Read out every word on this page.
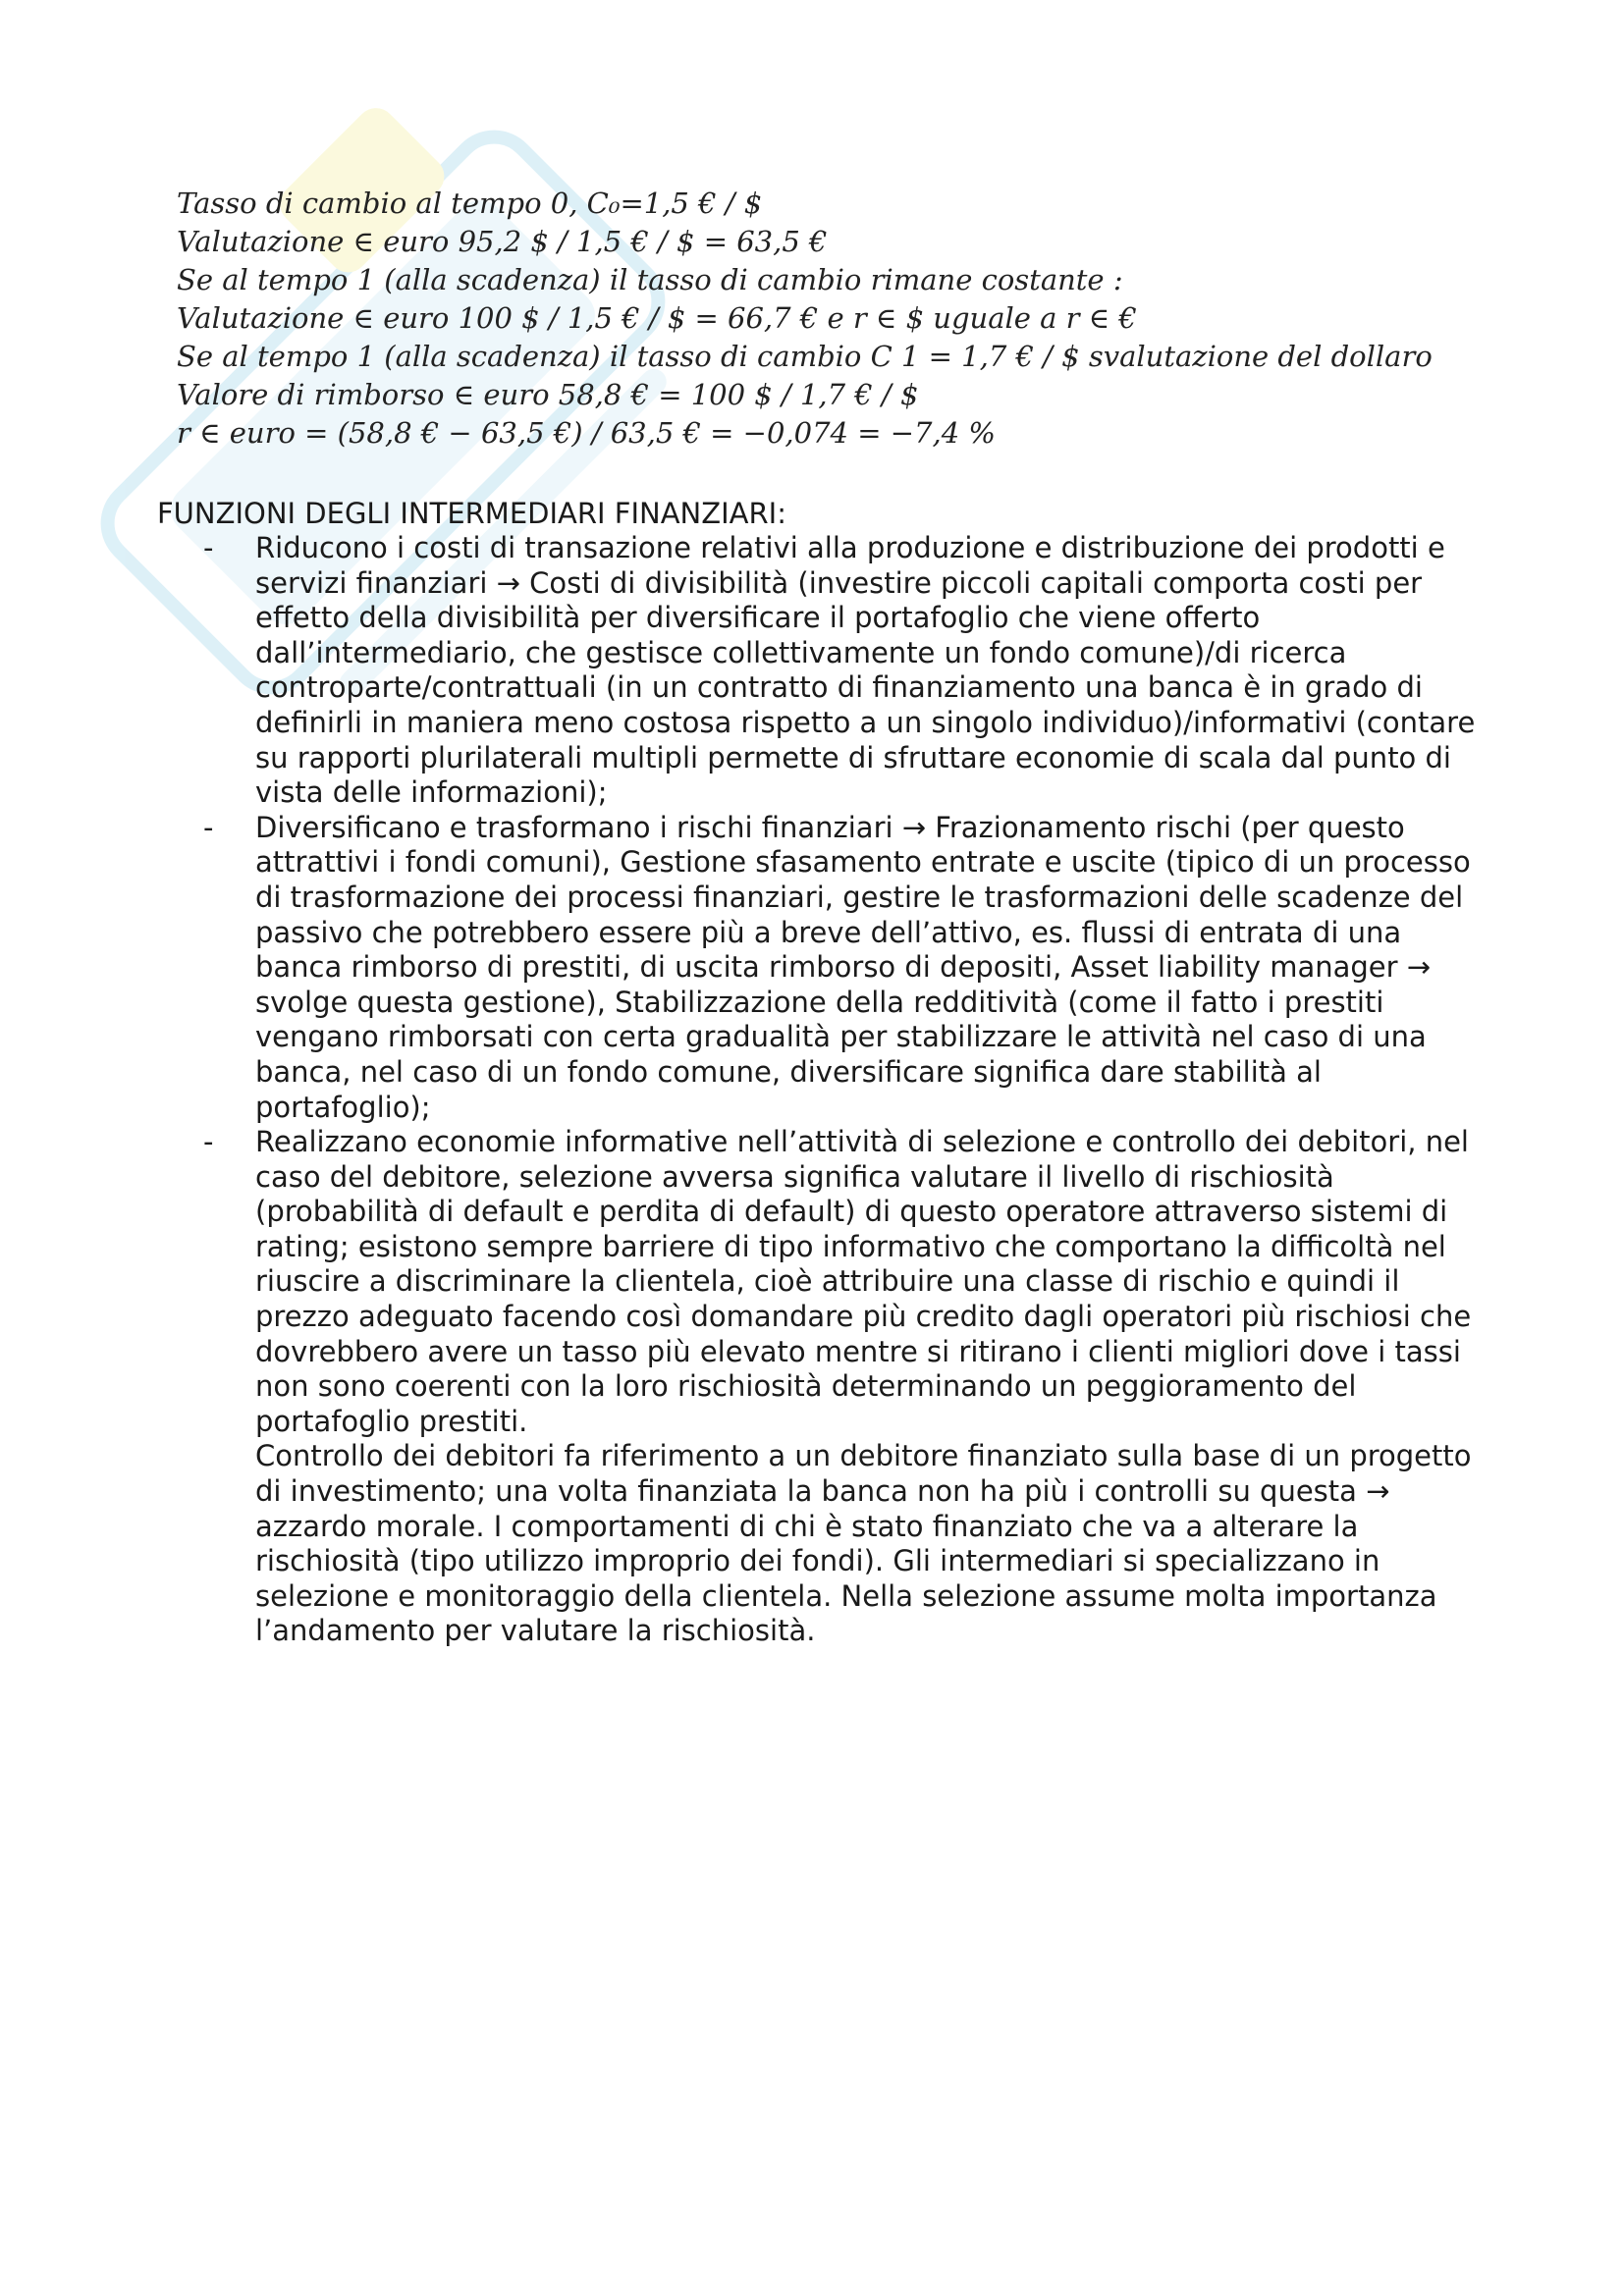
Tasso di cambio al tempo 0, C₀=1,5 € / $
Valutazione ∈ euro 95,2 $ / 1,5 € / $ = 63,5 €
Se al tempo 1 (alla scadenza) il tasso di cambio rimane costante :
Valutazione ∈ euro 100 $ / 1,5 € / $ = 66,7 € e r ∈ $ uguale a r ∈ €
Se al tempo 1 (alla scadenza) il tasso di cambio C 1 = 1,7 € / $ svalutazione del dollaro
Valore di rimborso ∈ euro 58,8 € = 100 $ / 1,7 € / $
r ∈ euro = (58,8 € − 63,5 €) / 63,5 € = −0,074 = −7,4 %
FUNZIONI DEGLI INTERMEDIARI FINANZIARI:
- Riducono i costi di transazione relativi alla produzione e distribuzione dei prodotti e servizi finanziari → Costi di divisibilità (investire piccoli capitali comporta costi per effetto della divisibilità per diversificare il portafoglio che viene offerto dall’intermediario, che gestisce collettivamente un fondo comune)/di ricerca controparte/contrattuali (in un contratto di finanziamento una banca è in grado di definirli in maniera meno costosa rispetto a un singolo individuo)/informativi (contare su rapporti plurilaterali multipli permette di sfruttare economie di scala dal punto di vista delle informazioni);
- Diversificano e trasformano i rischi finanziari → Frazionamento rischi (per questo attrattivi i fondi comuni), Gestione sfasamento entrate e uscite (tipico di un processo di trasformazione dei processi finanziari, gestire le trasformazioni delle scadenze del passivo che potrebbero essere più a breve dell’attivo, es. flussi di entrata di una banca rimborso di prestiti, di uscita rimborso di depositi, Asset liability manager → svolge questa gestione), Stabilizzazione della redditività (come il fatto i prestiti vengano rimborsati con certa gradualità per stabilizzare le attività nel caso di una banca, nel caso di un fondo comune, diversificare significa dare stabilità al portafoglio);
- Realizzano economie informative nell’attività di selezione e controllo dei debitori, nel caso del debitore, selezione avversa significa valutare il livello di rischiosità (probabilità di default e perdita di default) di questo operatore attraverso sistemi di rating; esistono sempre barriere di tipo informativo che comportano la difficoltà nel riuscire a discriminare la clientela, cioè attribuire una classe di rischio e quindi il prezzo adeguato facendo così domandare più credito dagli operatori più rischiosi che dovrebbero avere un tasso più elevato mentre si ritirano i clienti migliori dove i tassi non sono coerenti con la loro rischiosità determinando un peggioramento del portafoglio prestiti.
Controllo dei debitori fa riferimento a un debitore finanziato sulla base di un progetto di investimento; una volta finanziata la banca non ha più i controlli su questa → azzardo morale. I comportamenti di chi è stato finanziato che va a alterare la rischiosità (tipo utilizzo improprio dei fondi). Gli intermediari si specializzano in selezione e monitoraggio della clientela. Nella selezione assume molta importanza l’andamento per valutare la rischiosità.
